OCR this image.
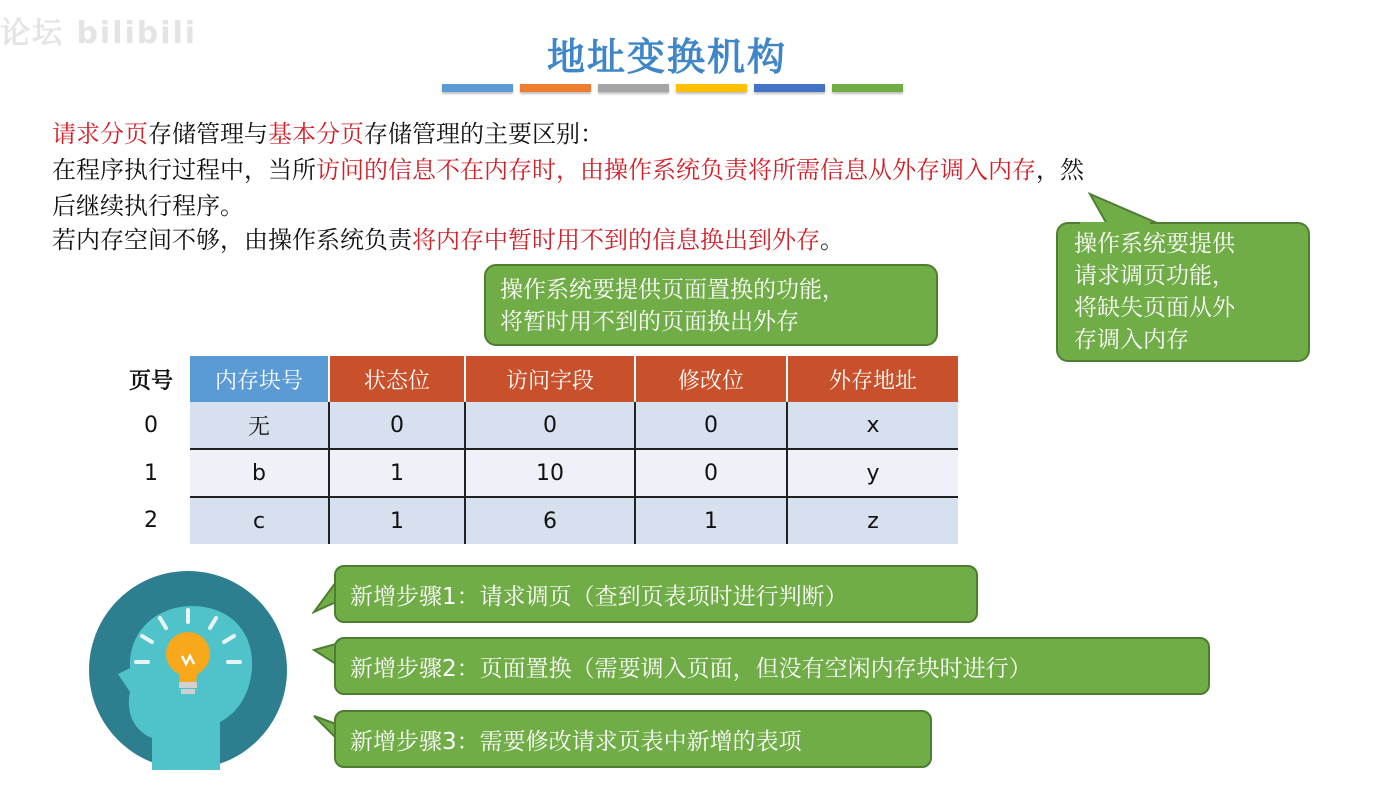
论坛 bilibili
地址变换机构
请求分页存储管理与基本分页存储管理的主要区别：
在程序执行过程中，当所访问的信息不在内存时，由操作系统负责将所需信息从外存调入内存，然
后继续执行程序。
若内存空间不够，由操作系统负责将内存中暂时用不到的信息换出到外存。	操作系统要提供
请求调页功能，
将缺失页面从外
存调入内存
操作系统要提供页面置换的功能，
将暂时用不到的页面换出外存
页号	内存块号	状态位	访问字段	修改位	外存地址
0	无	0	0	0	x
1	b	1	10	0	y
2	c	1	6	1	z
新增步骤1：请求调页（查到页表项时进行判断）
新增步骤2：页面置换（需要调入页面，但没有空闲内存块时进行）
新增步骤3：需要修改请求页表中新增的表项
